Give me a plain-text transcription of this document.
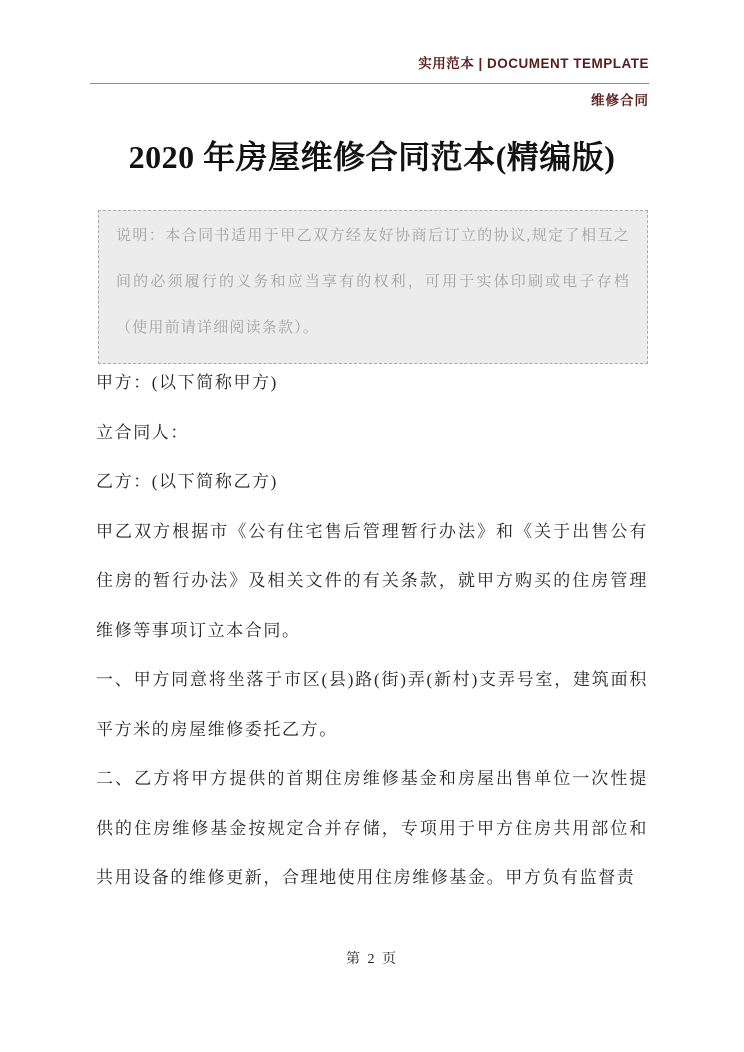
实用范本 | DOCUMENT TEMPLATE
维修合同
2020 年房屋维修合同范本(精编版)
说明：本合同书适用于甲乙双方经友好协商后订立的协议,规定了相互之间的必须履行的义务和应当享有的权利，可用于实体印刷或电子存档（使用前请详细阅读条款）。

甲方：(以下简称甲方)

立合同人：

乙方：(以下简称乙方)

甲乙双方根据市《公有住宅售后管理暂行办法》和《关于出售公有住房的暂行办法》及相关文件的有关条款，就甲方购买的住房管理维修等事项订立本合同。

一、甲方同意将坐落于市区(县)路(街)弄(新村)支弄号室，建筑面积平方米的房屋维修委托乙方。

二、乙方将甲方提供的首期住房维修基金和房屋出售单位一次性提供的住房维修基金按规定合并存储，专项用于甲方住房共用部位和共用设备的维修更新，合理地使用住房维修基金。甲方负有监督责

第 2 页
